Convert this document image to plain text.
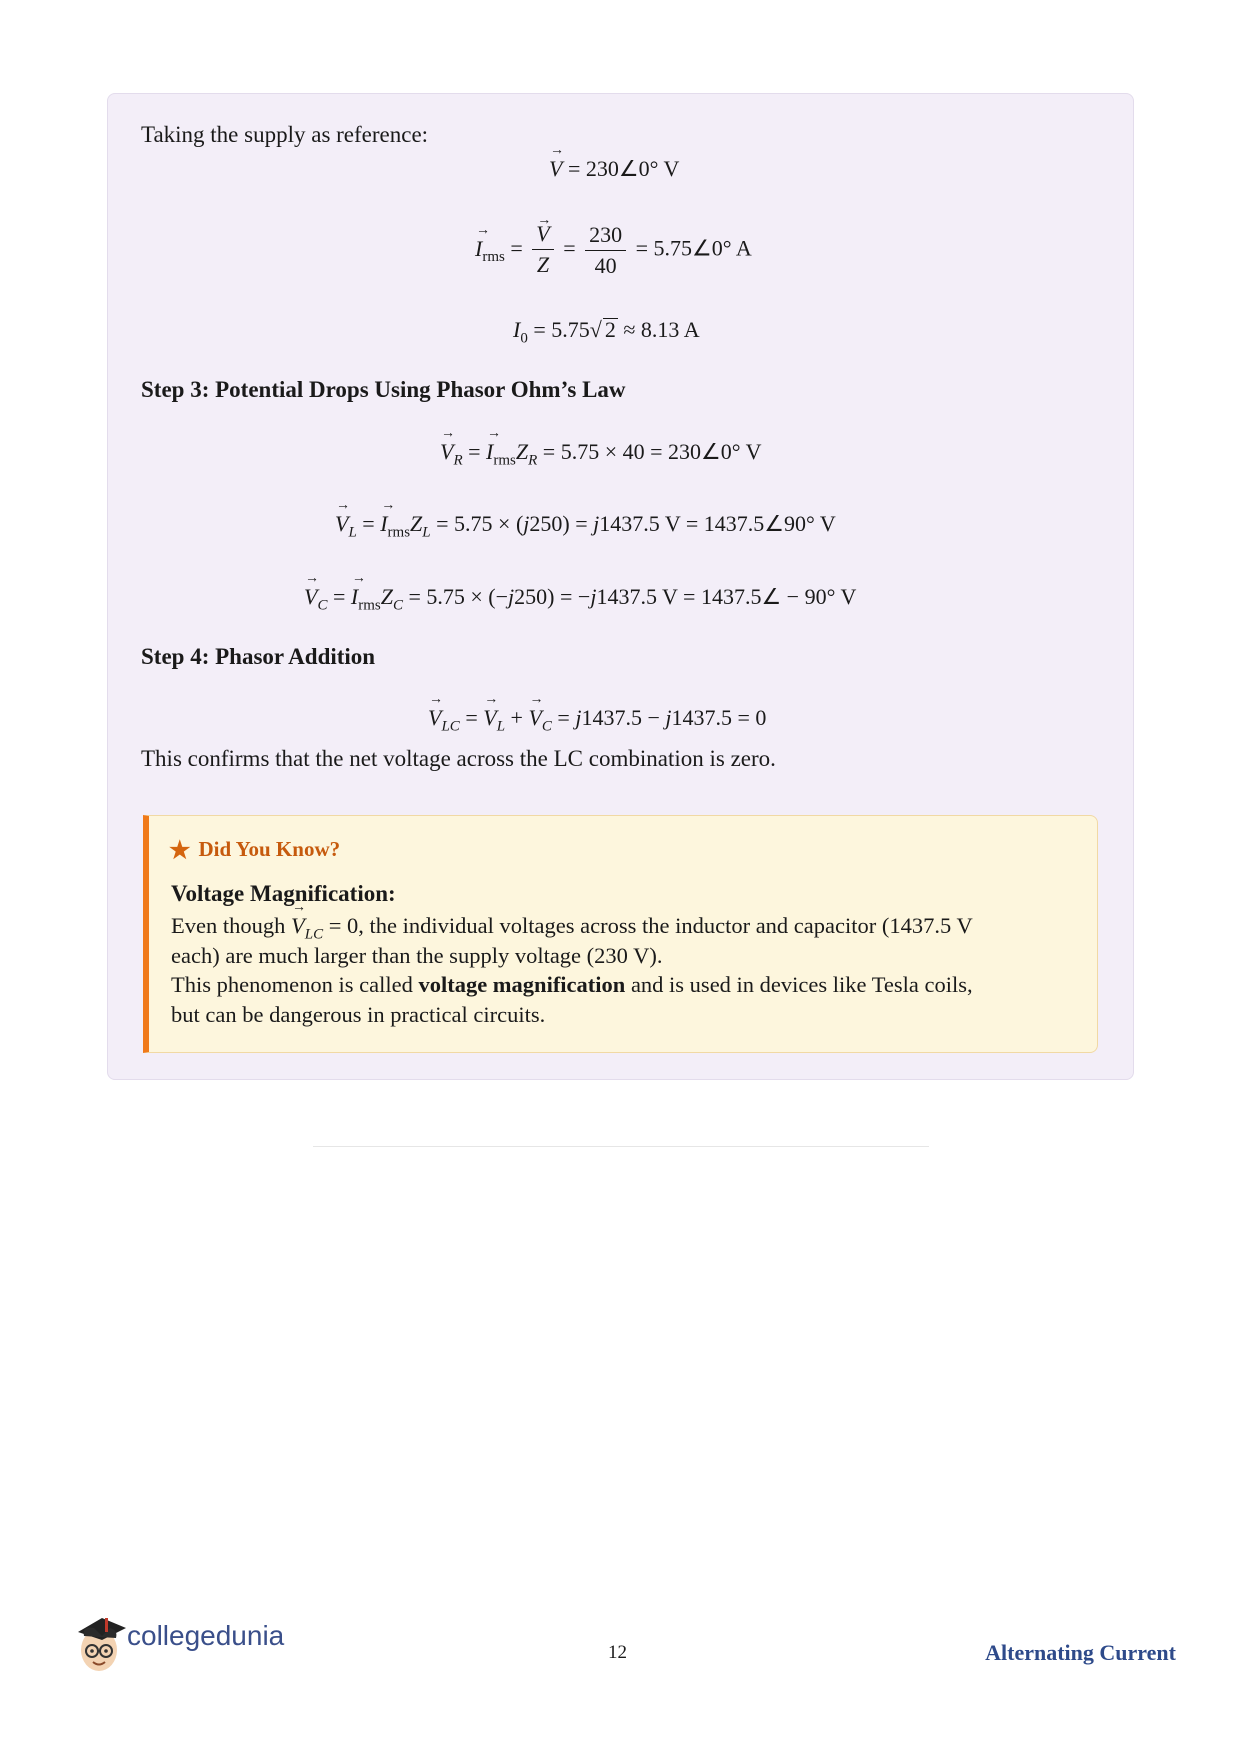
Taking the supply as reference:
→ V = 230∠0° V
→ $I_{rms}$ = → $\frac{V}{Z} = \frac{230}{40}$ = 5.75∠0° A
$I_0 = 5.75√$ 2 ≈ 8.13 A
Step 3: Potential Drops Using Phasor Ohm’s Law
→ $V_R$ = → $I_{rms}Z_R = 5.75 \times 40$ = 230∠0° V
→ $V_L$ = → $I_{rms}Z_L = 5.75 \times (j250) = j1437.5$ V = 1437.5∠90° V
→ $V_C$ = → $I_{rms}Z_C = 5.75 \times (-j250) = -j1437.5$ V = 1437.5∠ − 90° V
Step 4: Phasor Addition
→ $V_{LC}$ = → $V_L$ + → $V_C = j1437.5 - j1437.5 = 0$
This confirms that the net voltage across the LC combination is zero.
★ Did You Know?
Voltage Magnification:
Even though → $V_{LC} = 0$, the individual voltages across the inductor and capacitor (1437.5 V
each) are much larger than the supply voltage (230 V).
This phenomenon is called voltage magnification and is used in devices like Tesla coils,
but can be dangerous in practical circuits.
collegedunia
12	Alternating Current
